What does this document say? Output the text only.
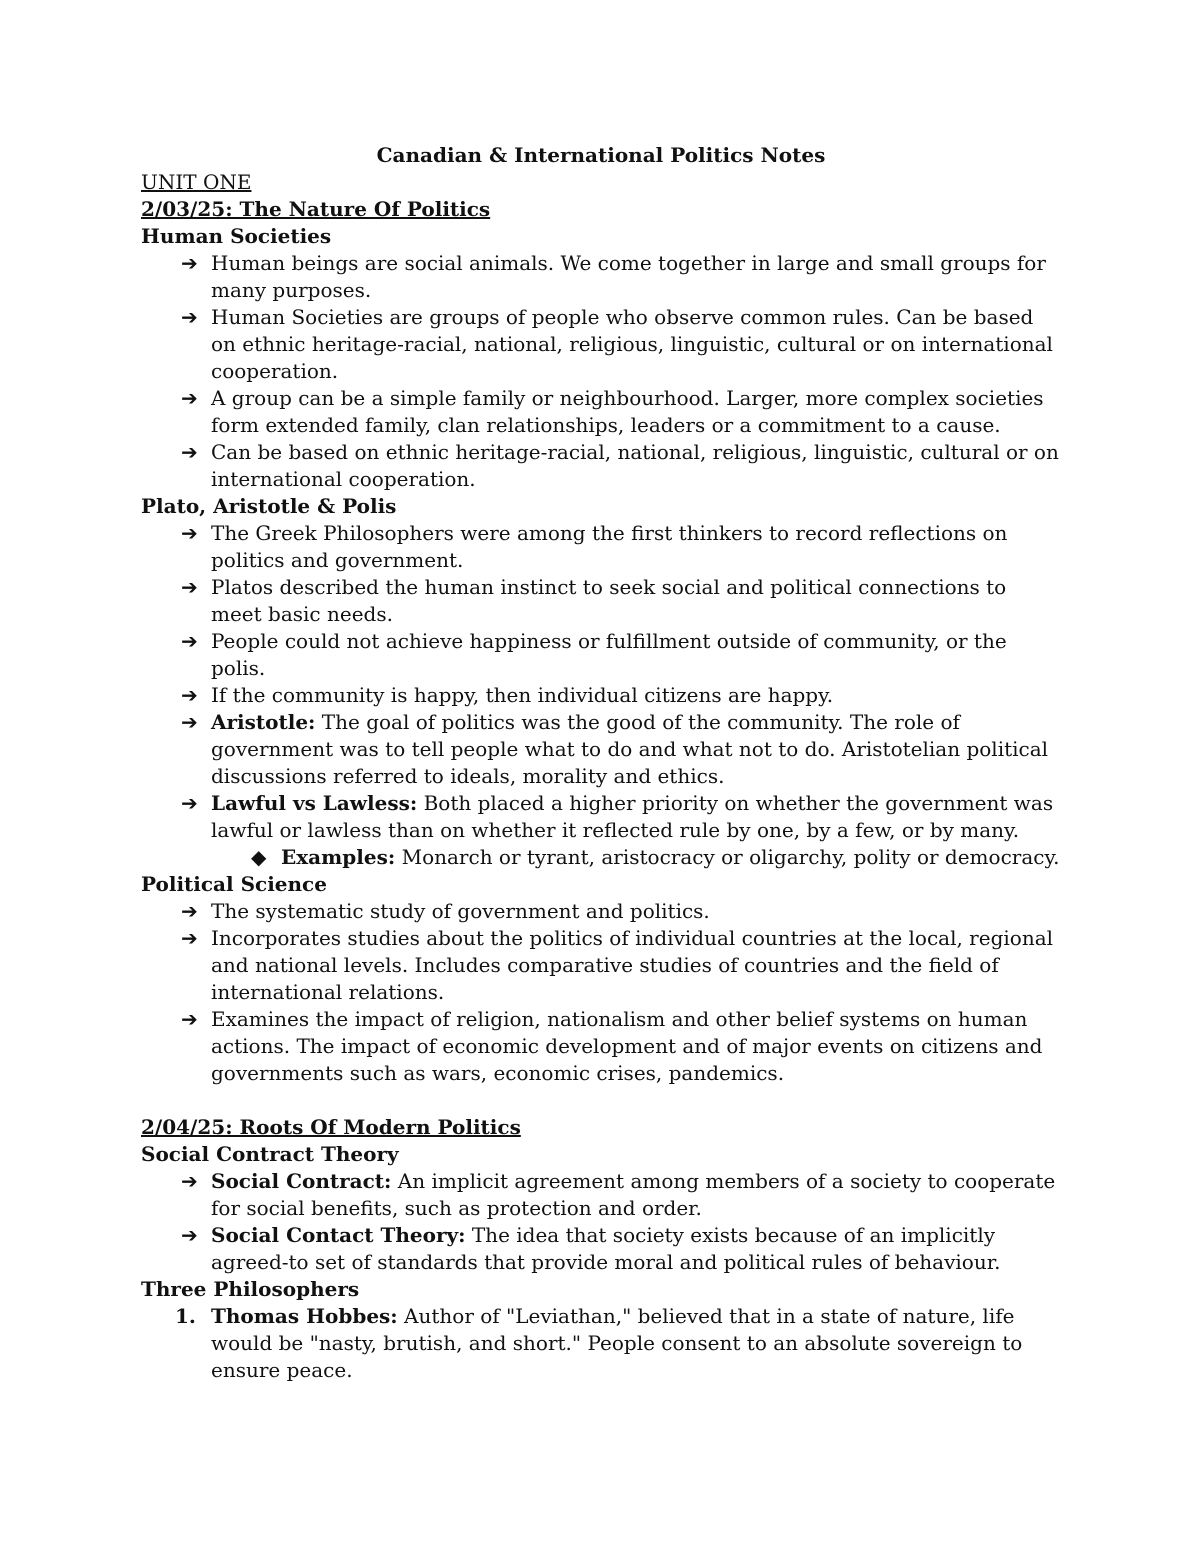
Canadian & International Politics Notes
UNIT ONE
2/03/25: The Nature Of Politics
Human Societies
➔ Human beings are social animals. We come together in large and small groups for many purposes.
➔ Human Societies are groups of people who observe common rules. Can be based on ethnic heritage-racial, national, religious, linguistic, cultural or on international cooperation.
➔ A group can be a simple family or neighbourhood. Larger, more complex societies form extended family, clan relationships, leaders or a commitment to a cause.
➔ Can be based on ethnic heritage-racial, national, religious, linguistic, cultural or on international cooperation.
Plato, Aristotle & Polis
➔ The Greek Philosophers were among the first thinkers to record reflections on politics and government.
➔ Platos described the human instinct to seek social and political connections to meet basic needs.
➔ People could not achieve happiness or fulfillment outside of community, or the polis.
➔ If the community is happy, then individual citizens are happy.
➔ Aristotle: The goal of politics was the good of the community. The role of government was to tell people what to do and what not to do. Aristotelian political discussions referred to ideals, morality and ethics.
➔ Lawful vs Lawless: Both placed a higher priority on whether the government was lawful or lawless than on whether it reflected rule by one, by a few, or by many.
◆ Examples: Monarch or tyrant, aristocracy or oligarchy, polity or democracy.
Political Science
➔ The systematic study of government and politics.
➔ Incorporates studies about the politics of individual countries at the local, regional and national levels. Includes comparative studies of countries and the field of international relations.
➔ Examines the impact of religion, nationalism and other belief systems on human actions. The impact of economic development and of major events on citizens and governments such as wars, economic crises, pandemics.
2/04/25: Roots Of Modern Politics
Social Contract Theory
➔ Social Contract: An implicit agreement among members of a society to cooperate for social benefits, such as protection and order.
➔ Social Contact Theory: The idea that society exists because of an implicitly agreed-to set of standards that provide moral and political rules of behaviour.
Three Philosophers
1. Thomas Hobbes: Author of "Leviathan," believed that in a state of nature, life would be "nasty, brutish, and short." People consent to an absolute sovereign to ensure peace.
